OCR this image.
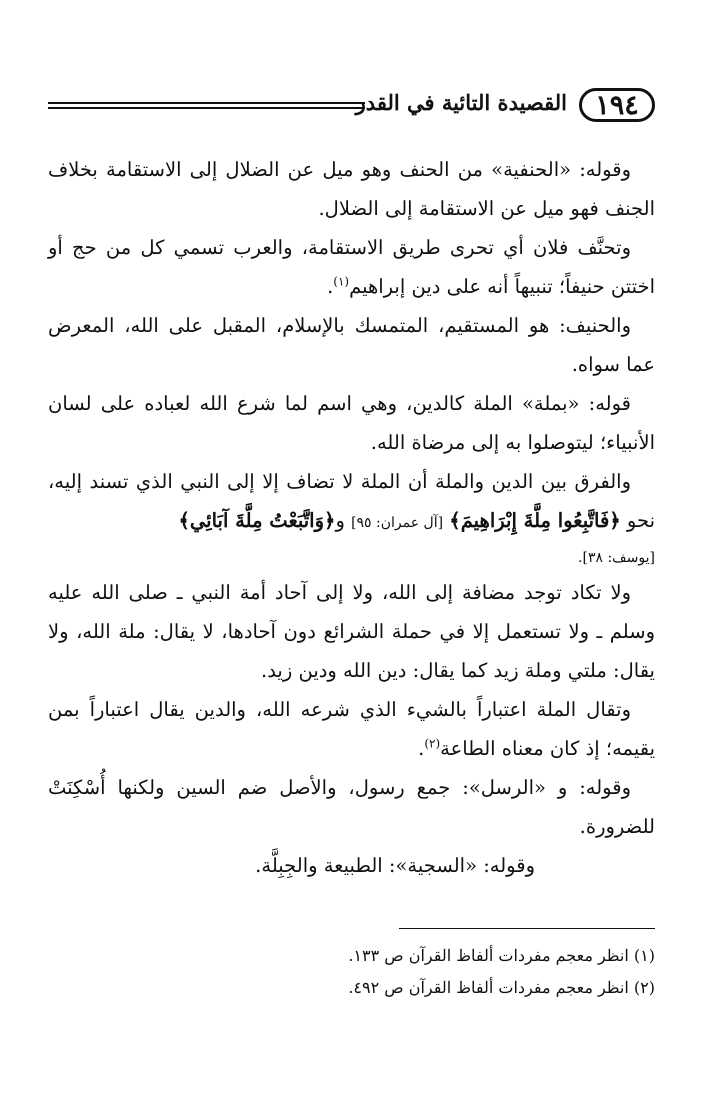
١٩٤
القصيدة التائية في القدر

وقوله: «الحنفية» من الحنف وهو ميل عن الضلال إلى الاستقامة بخلاف الجنف فهو ميل عن الاستقامة إلى الضلال.

وتحنَّف فلان أي تحرى طريق الاستقامة، والعرب تسمي كل من حج أو اختتن حنيفاً؛ تنبيهاً أنه على دين إبراهيم$^{(١)}$.

والحنيف: هو المستقيم، المتمسك بالإسلام، المقبل على الله، المعرض عما سواه.

قوله: «بملة» الملة كالدين، وهي اسم لما شرع الله لعباده على لسان الأنبياء؛ ليتوصلوا به إلى مرضاة الله.

والفرق بين الدين والملة أن الملة لا تضاف إلا إلى النبي الذي تسند إليه، نحو ﴿فَاتَّبِعُوا مِلَّةَ إِبْرَاهِيمَ﴾ [آل عمران: ٩٥] و﴿وَاتَّبَعْتُ مِلَّةَ آبَائِي﴾

[يوسف: ٣٨].

ولا تكاد توجد مضافة إلى الله، ولا إلى آحاد أمة النبي ـ صلى الله عليه وسلم ـ ولا تستعمل إلا في حملة الشرائع دون آحادها، لا يقال: ملة الله، ولا يقال: ملتي وملة زيد كما يقال: دين الله ودين زيد.

وتقال الملة اعتباراً بالشيء الذي شرعه الله، والدين يقال اعتباراً بمن يقيمه؛ إذ كان معناه الطاعة$^{(٢)}$.

وقوله: و «الرسل»: جمع رسول، والأصل ضم السين ولكنها أُسْكِنَتْ للضرورة.

وقوله: «السجية»: الطبيعة والجِبِلَّة.

(١) انظر معجم مفردات ألفاظ القرآن ص ١٣٣.

(٢) انظر معجم مفردات ألفاظ القرآن ص ٤٩٢.
